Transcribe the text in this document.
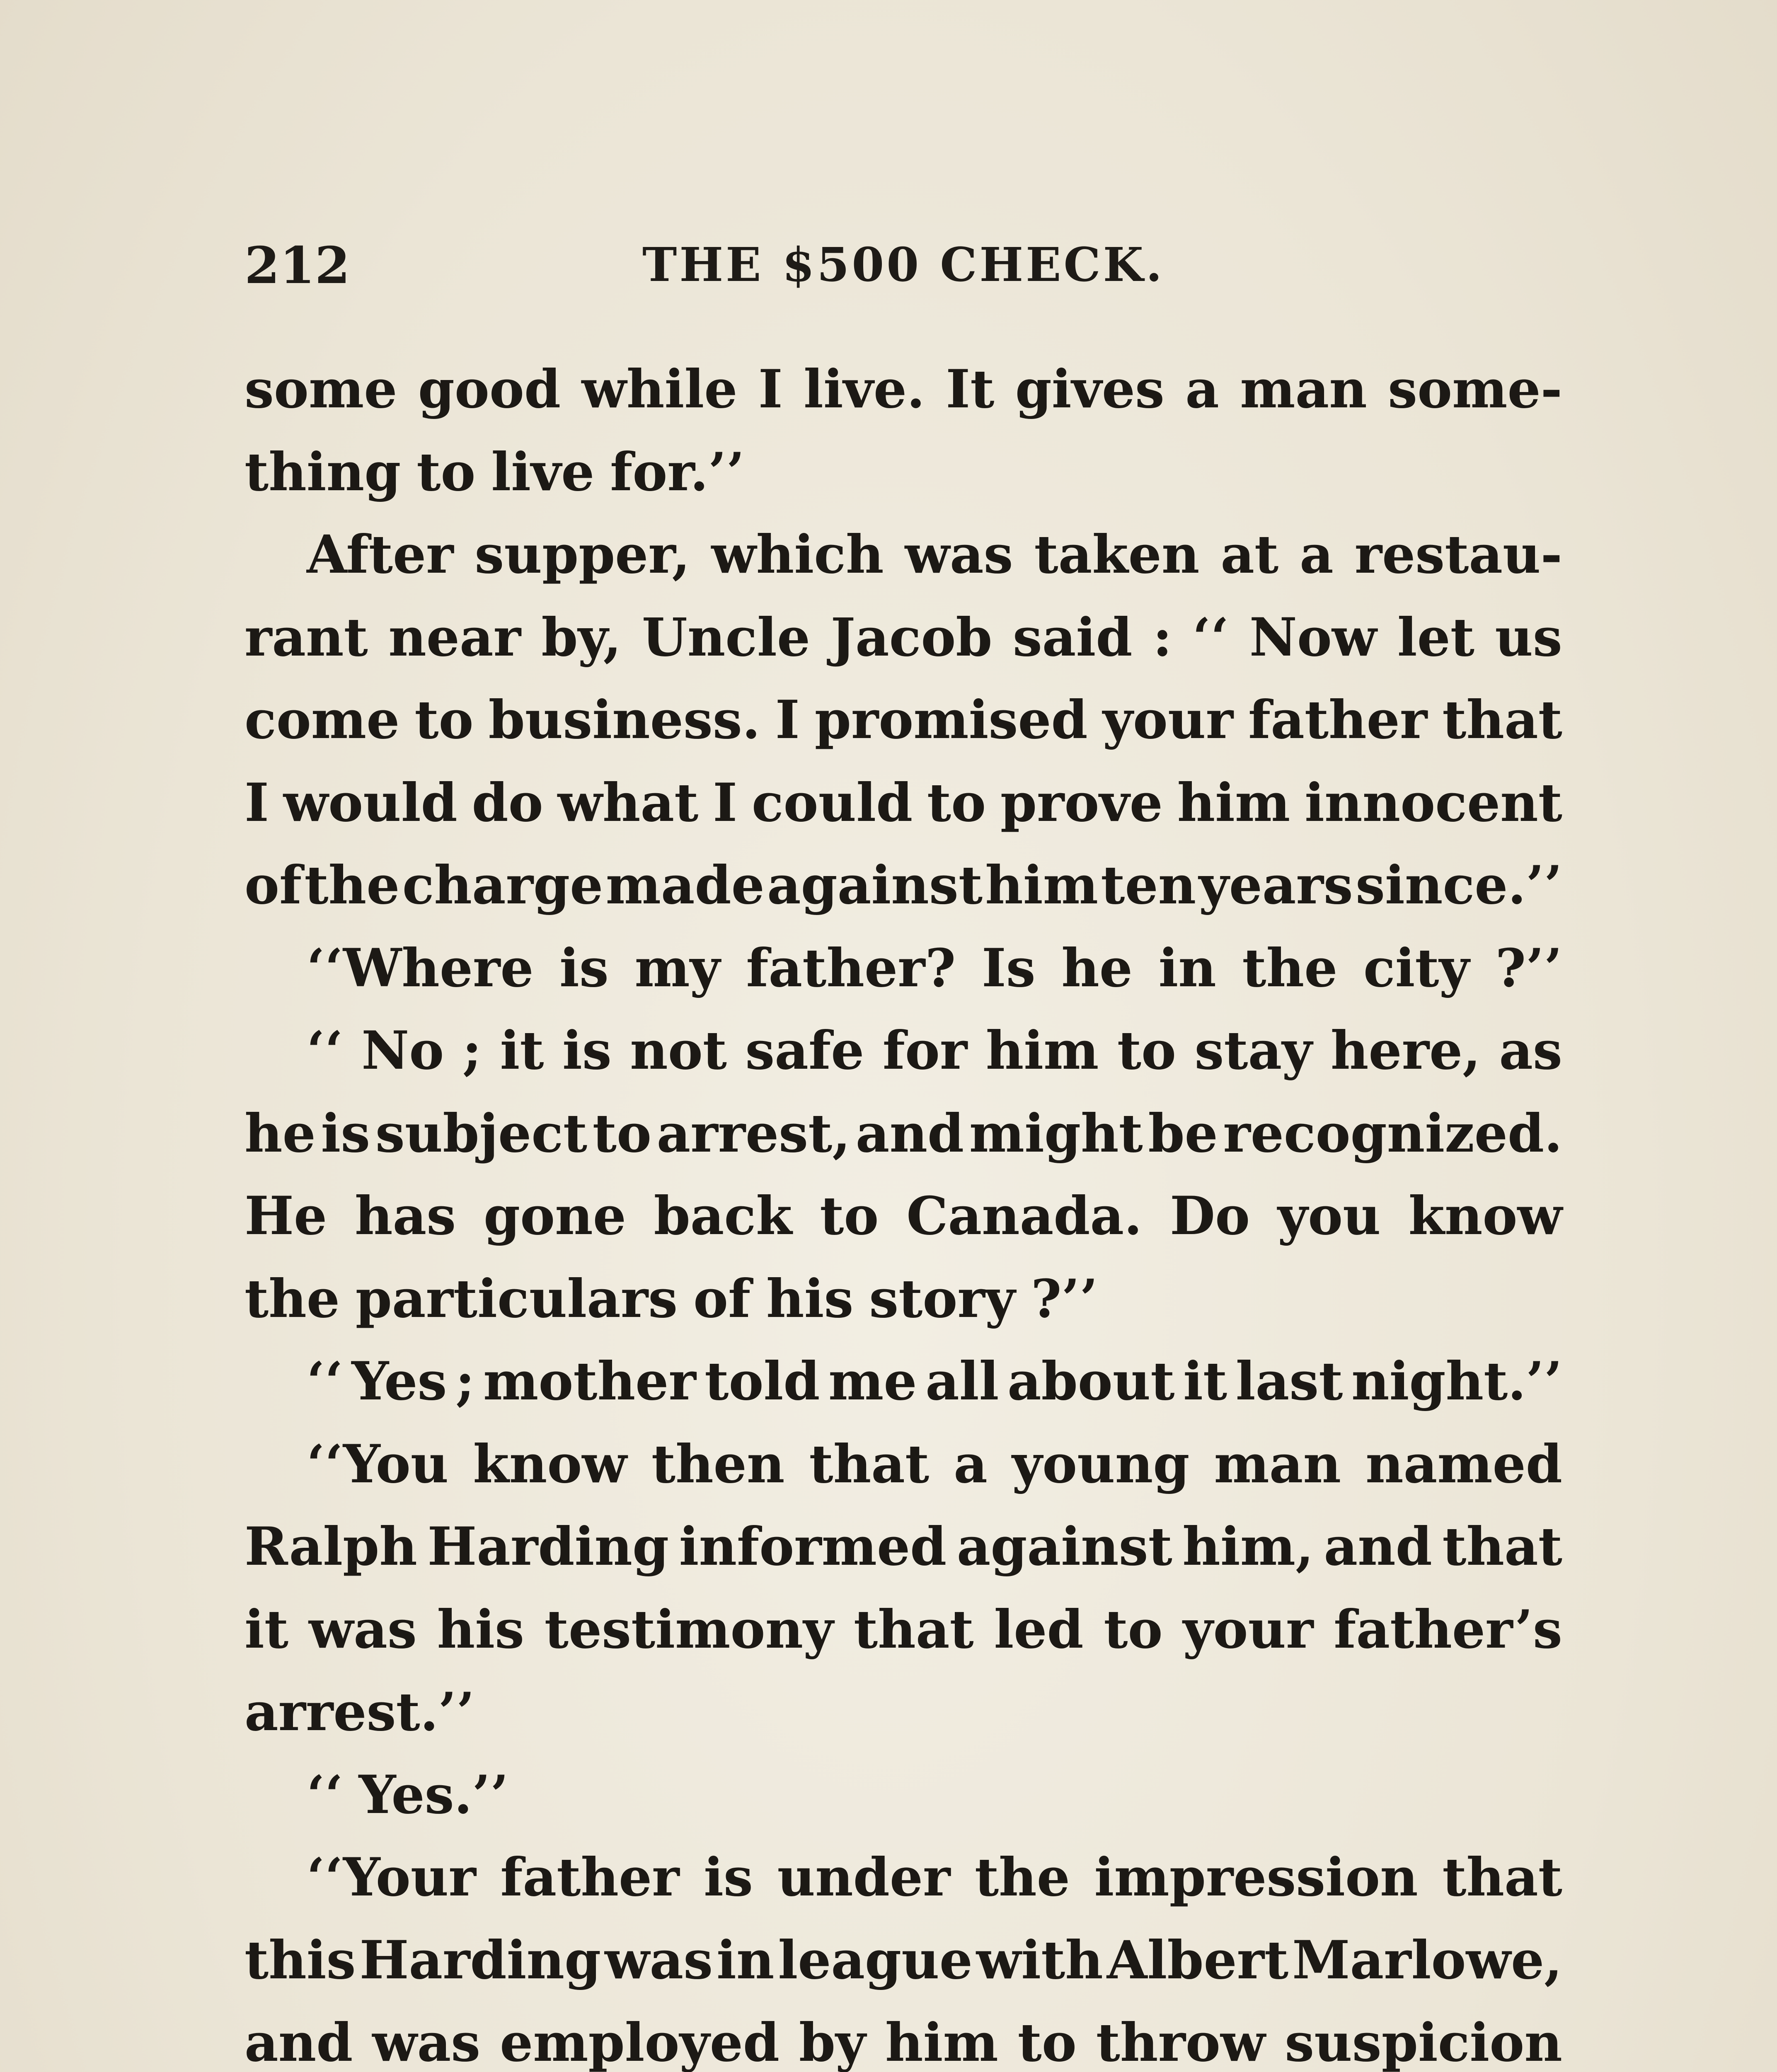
212	THE $500 CHECK.
some good while I live. It gives a man some-
thing to live for.’’
After supper, which was taken at a restau-
rant near by, Uncle Jacob said : ‘‘ Now let us
come to business. I promised your father that
I would do what I could to prove him innocent
of the charge made against him ten years since.’’
‘‘Where is my father? Is he in the city ?’’
‘‘ No ; it is not safe for him to stay here, as
he is subject to arrest, and might be recognized.
He has gone back to Canada. Do you know
the particulars of his story ?’’
‘‘ Yes ; mother told me all about it last night.’’
‘‘You know then that a young man named
Ralph Harding informed against him, and that
it was his testimony that led to your father’s
arrest.’’
‘‘ Yes.’’
‘‘Your father is under the impression that
this Harding was in league with Albert Marlowe,
and was employed by him to throw suspicion
